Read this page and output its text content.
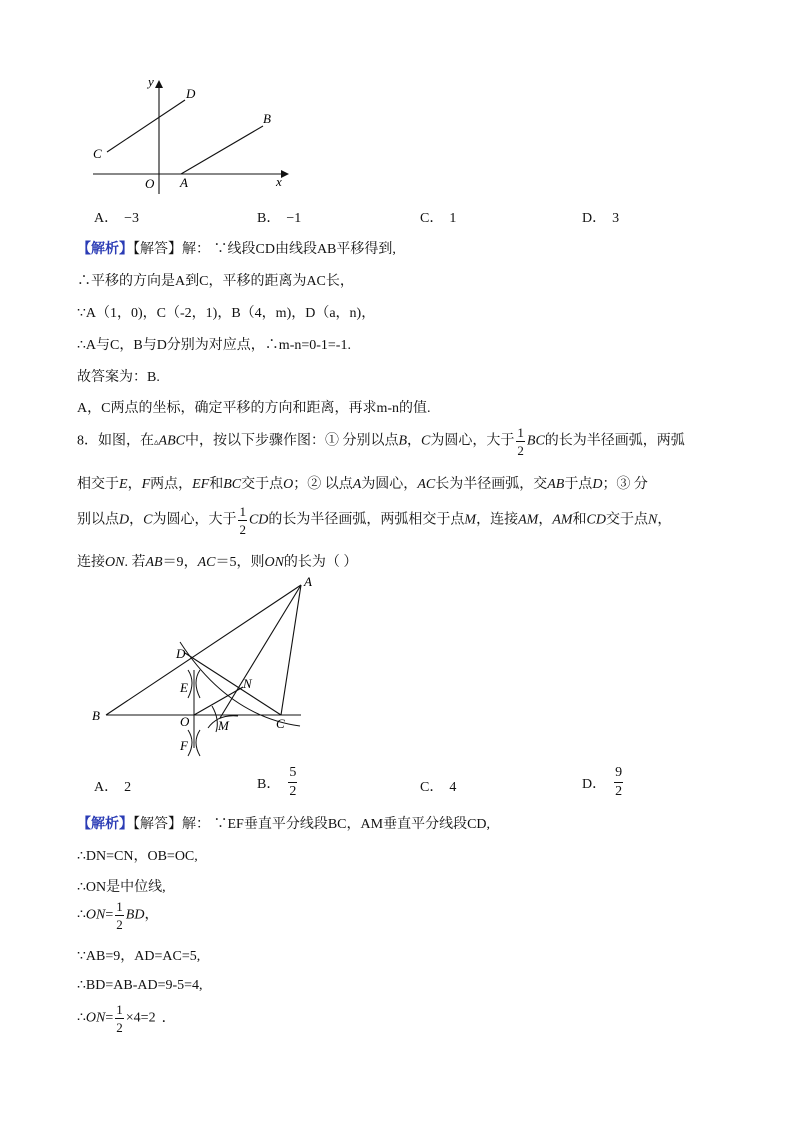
y
x
O A
B
C
D
A． −3	B． −1	C． 1	D． 3
【解析】【解答】解： ∵线段CD由线段AB平移得到,
∴平移的方向是A到C，平移的距离为AC长，
∵A（1，0)，C（-2，1)，B（4，m)，D（a，n)，
∴A与C，B与D分别为对应点，∴m-n=0-1=-1.
故答案为：B.
A，C两点的坐标，确定平移的方向和距离，再求m-n的值.
8．如图，在▵ABC中，按以下步骤作图：① 分别以点B，C为圆心，大于 $\frac{1}{2}$ BC的长为半径画弧，两弧
相交于E，F两点，EF和BC交于点O；② 以点A为圆心，AC长为半径画弧，交AB于点D；③ 分
别以点D，C为圆心，大于 $\frac{1}{2}$ CD的长为半径画弧，两弧相交于点M，连接AM，AM和CD交于点N，
连接ON. 若AB＝9，AC＝5，则ON的长为（ ）
A
B
C
D
E
F
O M
N
A． 2	B． $\frac{5}{2}$	C． 4	D． $\frac{9}{2}$
【解析】【解答】解： ∵EF垂直平分线段BC，AM垂直平分线段CD,
∴DN=CN，OB=OC,
∴ON是中位线,
∴ON= $\frac{1}{2}$ BD，
∵AB=9，AD=AC=5,
∴BD=AB-AD=9-5=4,
∴ON= $\frac{1}{2} \times 4=2$ ．
